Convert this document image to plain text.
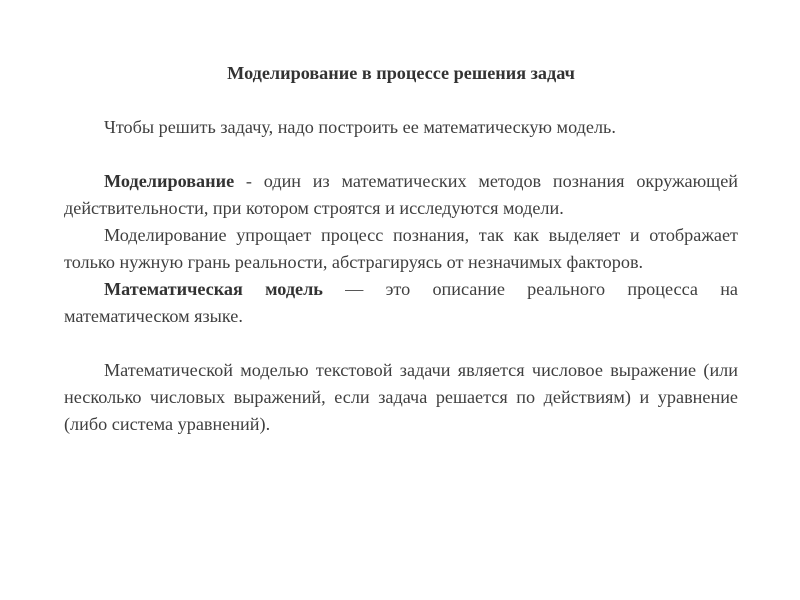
Моделирование в процессе решения задач

Чтобы решить задачу, надо построить ее математическую модель.

Моделирование - один из математических методов познания окружающей действительности, при котором строятся и исследуются модели.

Моделирование упрощает процесс познания, так как выделяет и отображает только нужную грань реальности, абстрагируясь от незначимых факторов.

Математическая модель — это описание реального процесса на математическом языке.

Математической моделью текстовой задачи является числовое выражение (или несколько числовых выражений, если задача решается по действиям) и уравнение (либо система уравнений).
